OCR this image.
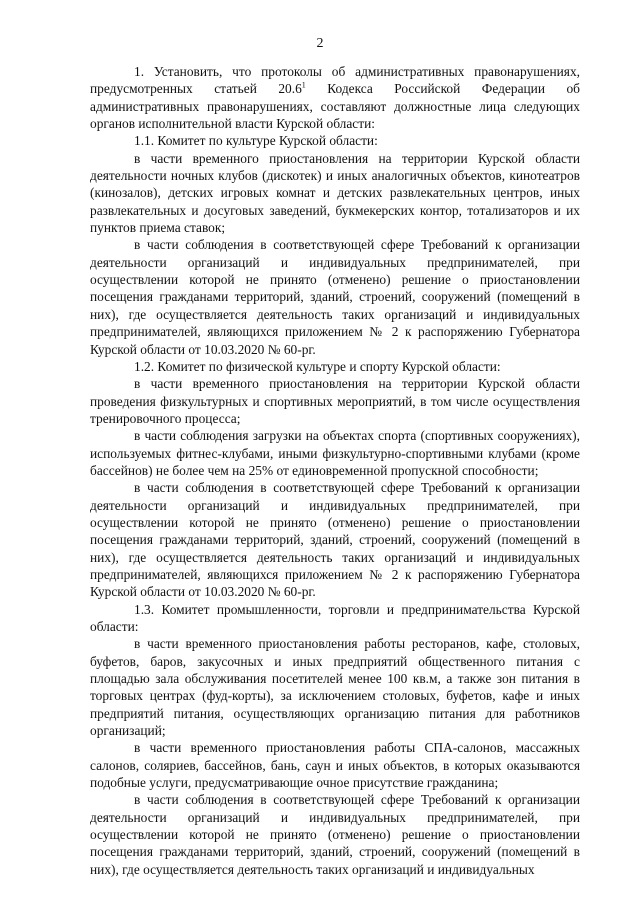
2

1. Установить, что протоколы об административных правонарушениях, предусмотренных статьей 20.6$^1$ Кодекса Российской Федерации об административных правонарушениях, составляют должностные лица следующих органов исполнительной власти Курской области:

1.1. Комитет по культуре Курской области:

в части временного приостановления на территории Курской области деятельности ночных клубов (дискотек) и иных аналогичных объектов, кинотеатров (кинозалов), детских игровых комнат и детских развлекательных центров, иных развлекательных и досуговых заведений, букмекерских контор, тотализаторов и их пунктов приема ставок;

в части соблюдения в соответствующей сфере Требований к организации деятельности организаций и индивидуальных предпринимателей, при осуществлении которой не принято (отменено) решение о приостановлении посещения гражданами территорий, зданий, строений, сооружений (помещений в них), где осуществляется деятельность таких организаций и индивидуальных предпринимателей, являющихся приложением № 2 к распоряжению Губернатора Курской области от 10.03.2020 № 60-рг.

1.2. Комитет по физической культуре и спорту Курской области:

в части временного приостановления на территории Курской области проведения физкультурных и спортивных мероприятий, в том числе осуществления тренировочного процесса;

в части соблюдения загрузки на объектах спорта (спортивных сооружениях), используемых фитнес-клубами, иными физкультурно-спортивными клубами (кроме бассейнов) не более чем на 25% от единовременной пропускной способности;

в части соблюдения в соответствующей сфере Требований к организации деятельности организаций и индивидуальных предпринимателей, при осуществлении которой не принято (отменено) решение о приостановлении посещения гражданами территорий, зданий, строений, сооружений (помещений в них), где осуществляется деятельность таких организаций и индивидуальных предпринимателей, являющихся приложением № 2 к распоряжению Губернатора Курской области от 10.03.2020 № 60-рг.

1.3. Комитет промышленности, торговли и предпринимательства Курской области:

в части временного приостановления работы ресторанов, кафе, столовых, буфетов, баров, закусочных и иных предприятий общественного питания с площадью зала обслуживания посетителей менее 100 кв.м, а также зон питания в торговых центрах (фуд-корты), за исключением столовых, буфетов, кафе и иных предприятий питания, осуществляющих организацию питания для работников организаций;

в части временного приостановления работы СПА-салонов, массажных салонов, соляриев, бассейнов, бань, саун и иных объектов, в которых оказываются подобные услуги, предусматривающие очное присутствие гражданина;

в части соблюдения в соответствующей сфере Требований к организации деятельности организаций и индивидуальных предпринимателей, при осуществлении которой не принято (отменено) решение о приостановлении посещения гражданами территорий, зданий, строений, сооружений (помещений в них), где осуществляется деятельность таких организаций и индивидуальных
